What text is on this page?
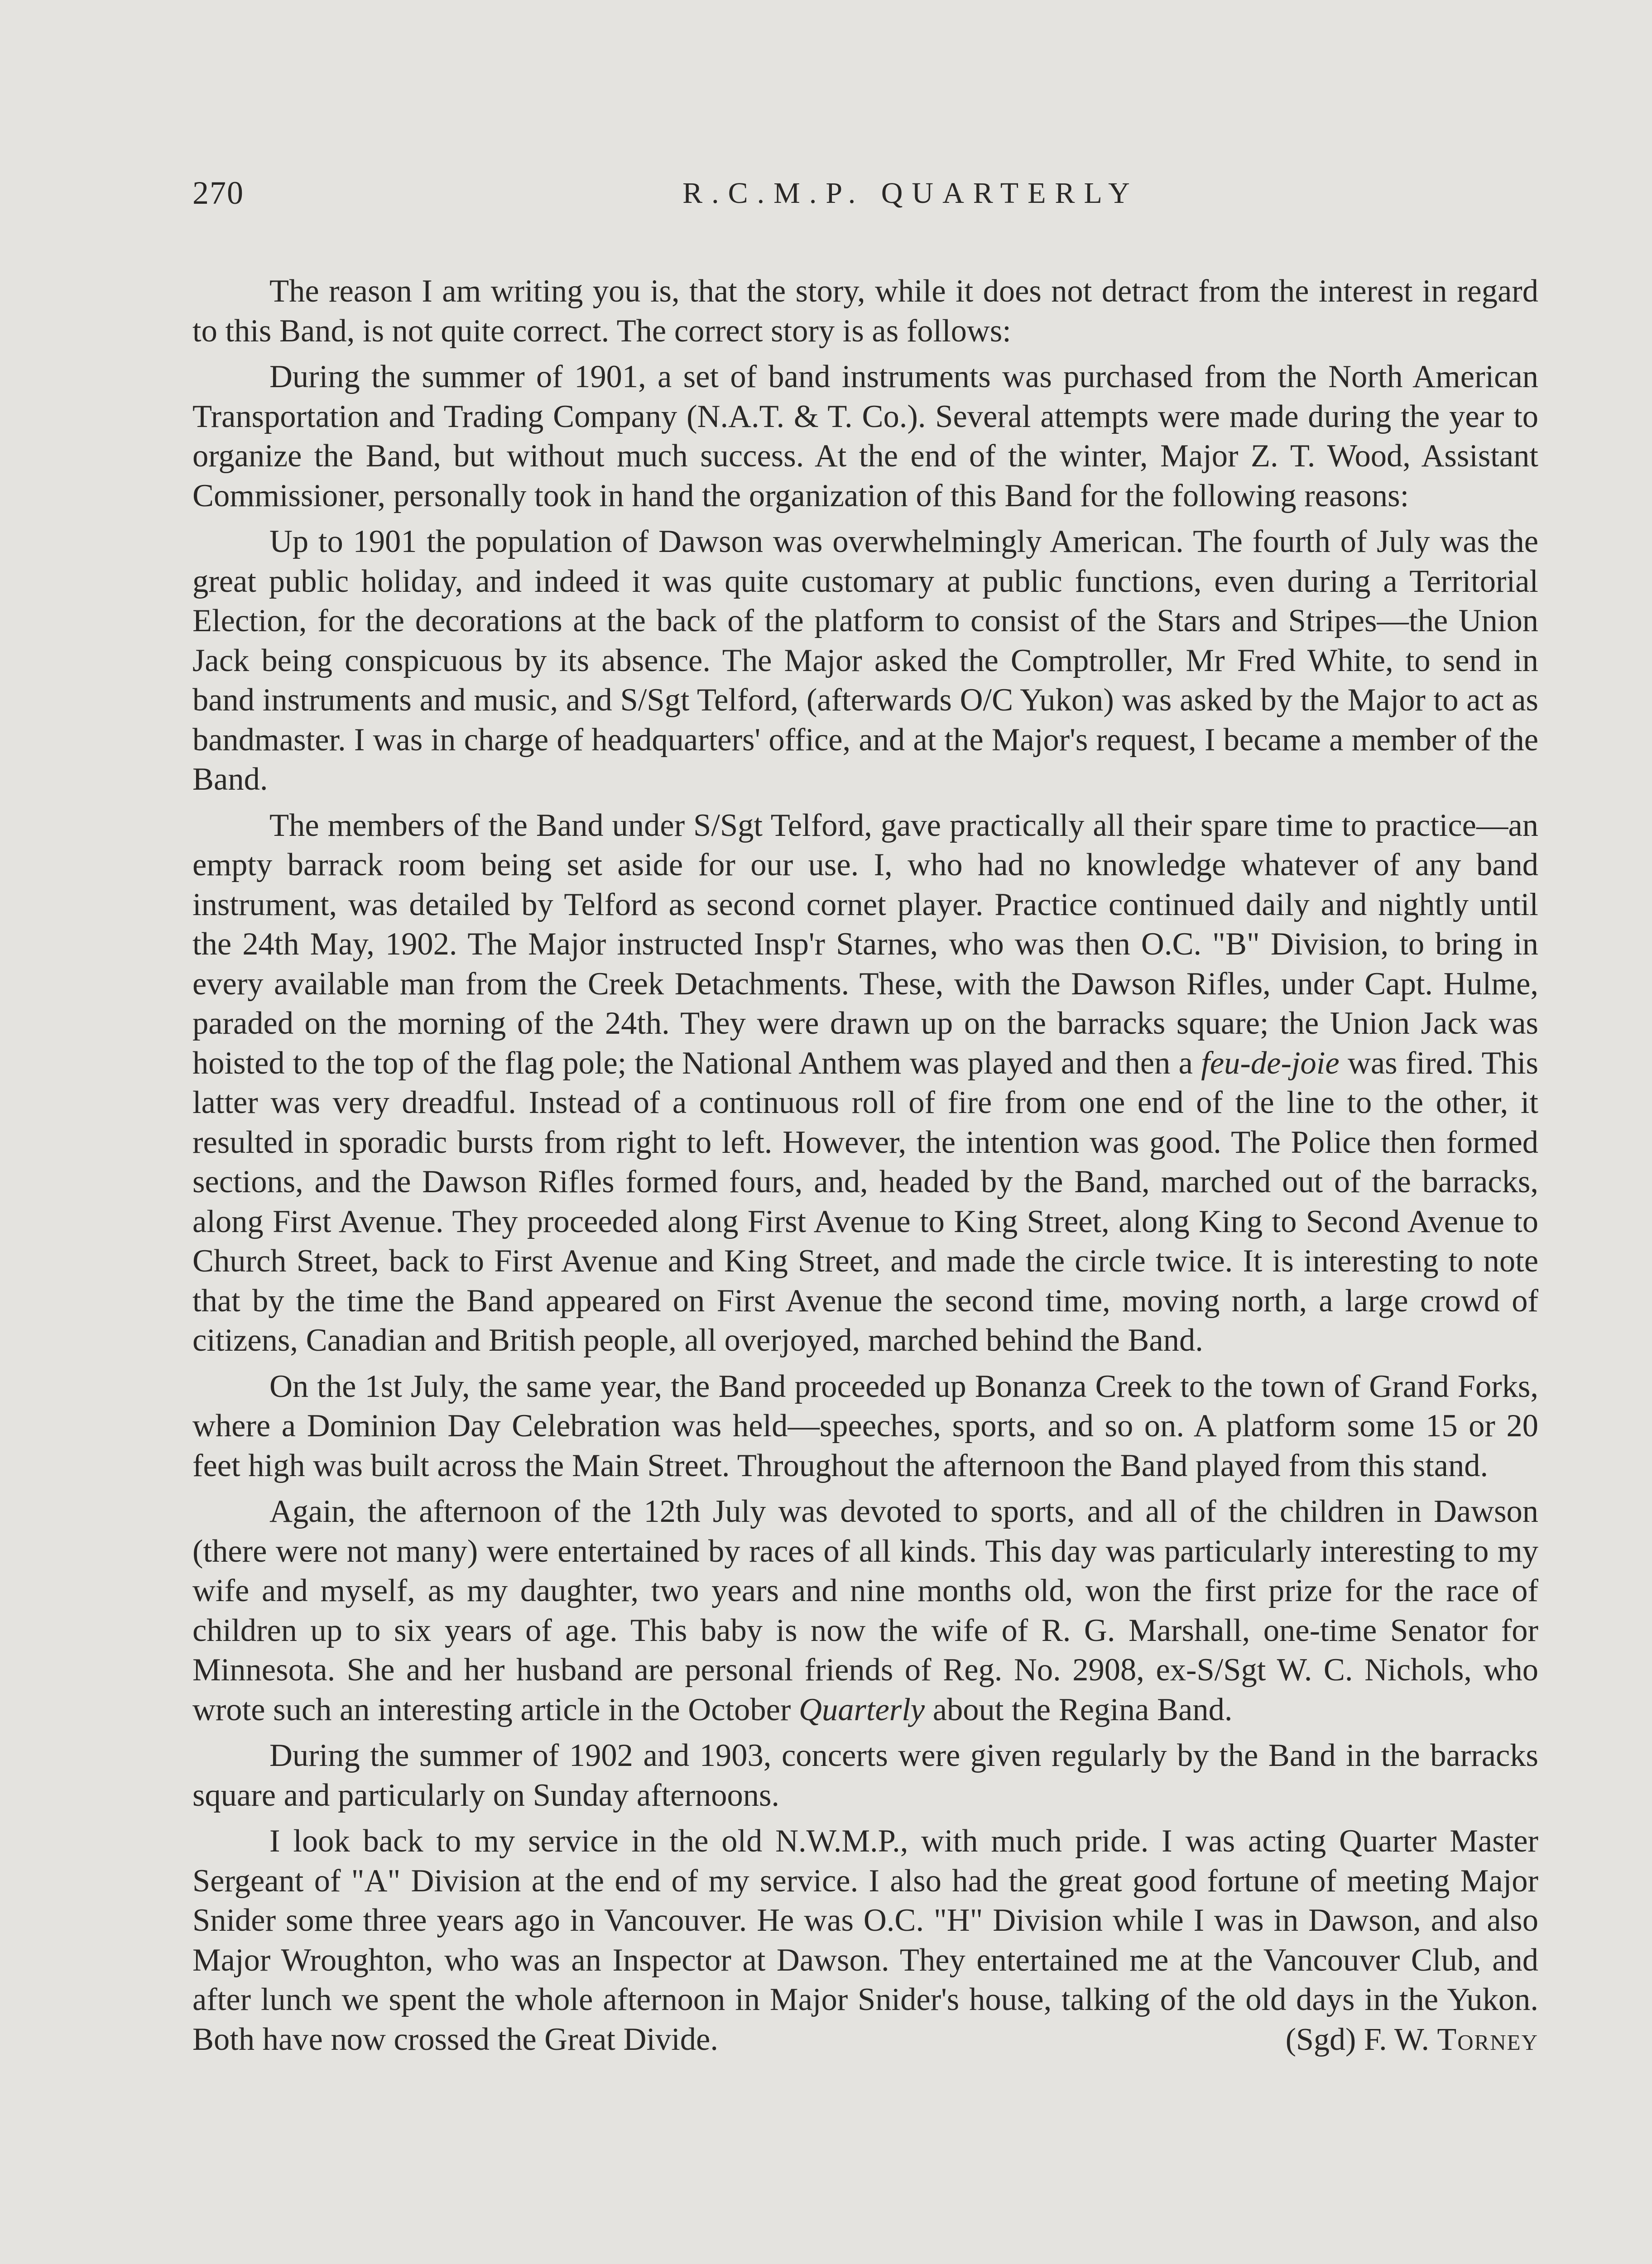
270	R.C.M.P. QUARTERLY

The reason I am writing you is, that the story, while it does not detract from the interest in regard to this Band, is not quite correct. The correct story is as follows:

During the summer of 1901, a set of band instruments was purchased from the North American Transportation and Trading Company (N.A.T. & T. Co.). Several attempts were made during the year to organize the Band, but without much success. At the end of the winter, Major Z. T. Wood, Assistant Commissioner, personally took in hand the organization of this Band for the following reasons:

Up to 1901 the population of Dawson was overwhelmingly American. The fourth of July was the great public holiday, and indeed it was quite customary at public functions, even during a Territorial Election, for the decorations at the back of the platform to consist of the Stars and Stripes—the Union Jack being conspicuous by its absence. The Major asked the Comptroller, Mr Fred White, to send in band instruments and music, and S/Sgt Telford, (afterwards O/C Yukon) was asked by the Major to act as bandmaster. I was in charge of headquarters' office, and at the Major's request, I became a member of the Band.

The members of the Band under S/Sgt Telford, gave practically all their spare time to practice—an empty barrack room being set aside for our use. I, who had no knowledge whatever of any band instrument, was detailed by Telford as second cornet player. Practice continued daily and nightly until the 24th May, 1902. The Major instructed Insp'r Starnes, who was then O.C. "B" Division, to bring in every available man from the Creek Detachments. These, with the Dawson Rifles, under Capt. Hulme, paraded on the morning of the 24th. They were drawn up on the barracks square; the Union Jack was hoisted to the top of the flag pole; the National Anthem was played and then a feu-de-joie was fired. This latter was very dreadful. Instead of a continuous roll of fire from one end of the line to the other, it resulted in sporadic bursts from right to left. However, the intention was good. The Police then formed sections, and the Dawson Rifles formed fours, and, headed by the Band, marched out of the barracks, along First Avenue. They proceeded along First Avenue to King Street, along King to Second Avenue to Church Street, back to First Avenue and King Street, and made the circle twice. It is interesting to note that by the time the Band appeared on First Avenue the second time, moving north, a large crowd of citizens, Canadian and British people, all overjoyed, marched behind the Band.

On the 1st July, the same year, the Band proceeded up Bonanza Creek to the town of Grand Forks, where a Dominion Day Celebration was held—speeches, sports, and so on. A platform some 15 or 20 feet high was built across the Main Street. Throughout the afternoon the Band played from this stand.

Again, the afternoon of the 12th July was devoted to sports, and all of the children in Dawson (there were not many) were entertained by races of all kinds. This day was particularly interesting to my wife and myself, as my daughter, two years and nine months old, won the first prize for the race of children up to six years of age. This baby is now the wife of R. G. Marshall, one-time Senator for Minnesota. She and her husband are personal friends of Reg. No. 2908, ex-S/Sgt W. C. Nichols, who wrote such an interesting article in the October Quarterly about the Regina Band.

During the summer of 1902 and 1903, concerts were given regularly by the Band in the barracks square and particularly on Sunday afternoons.

I look back to my service in the old N.W.M.P., with much pride. I was acting Quarter Master Sergeant of "A" Division at the end of my service. I also had the great good fortune of meeting Major Snider some three years ago in Vancouver. He was O.C. "H" Division while I was in Dawson, and also Major Wroughton, who was an Inspector at Dawson. They entertained me at the Vancouver Club, and after lunch we spent the whole afternoon in Major Snider's house, talking of the old days in the Yukon. Both have now crossed the Great Divide.	(Sgd) F. W. Torney
